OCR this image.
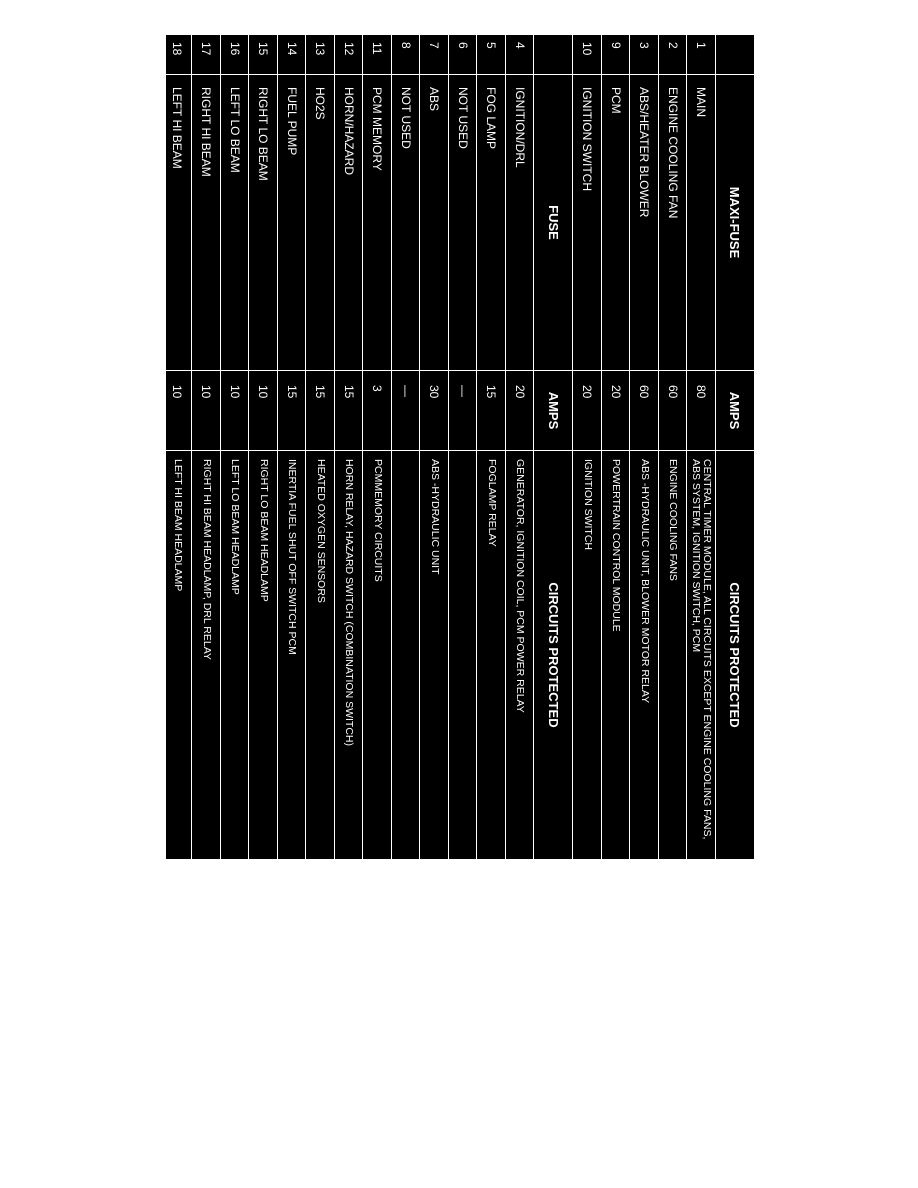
MAXI-FUSE
AMPS
CIRCUITS PROTECTED
1
MAIN
80
CENTRAL TIMER MODULE, ALL CIRCUITS EXCEPT ENGINE COOLING FANS, ABS SYSTEM, IGNITION SWITCH, PCM
2
ENGINE COOLING FAN
60
ENGINE COOLING FANS
3
ABS/HEATER BLOWER
60
ABS -HYDRAULIC UNIT, BLOWER MOTOR RELAY
9
PCM
20
POWERTRAIN CONTROL MODULE
10
IGNITION SWITCH
20
IGNITION SWITCH
FUSE
AMPS
CIRCUITS PROTECTED
4
IGNITION/DRL
20
GENERATOR, IGNITION COIL, PCM POWER RELAY
5
FOG LAMP
15
FOGLAMP RELAY
6
NOT USED
—
7
ABS
30
ABS -HYDRAULIC UNIT
8
NOT USED
—
11
PCM MEMORY
3
PCMMEMORY CIRCUITS
12
HORN/HAZARD
15
HORN RELAY, HAZARD SWITCH (COMBINATION SWITCH)
13
HO2S
15
HEATED OXYGEN SENSORS
14
FUEL PUMP
15
INERTIA FUEL SHUT OFF SWITCH PCM
15
RIGHT LO BEAM
10
RIGHT LO BEAM HEADLAMP
16
LEFT LO BEAM
10
LEFT LO BEAM HEADLAMP
17
RIGHT HI BEAM
10
RIGHT HI BEAM HEADLAMP, DRL RELAY
18
LEFT HI BEAM
10
LEFT HI BEAM HEADLAMP
